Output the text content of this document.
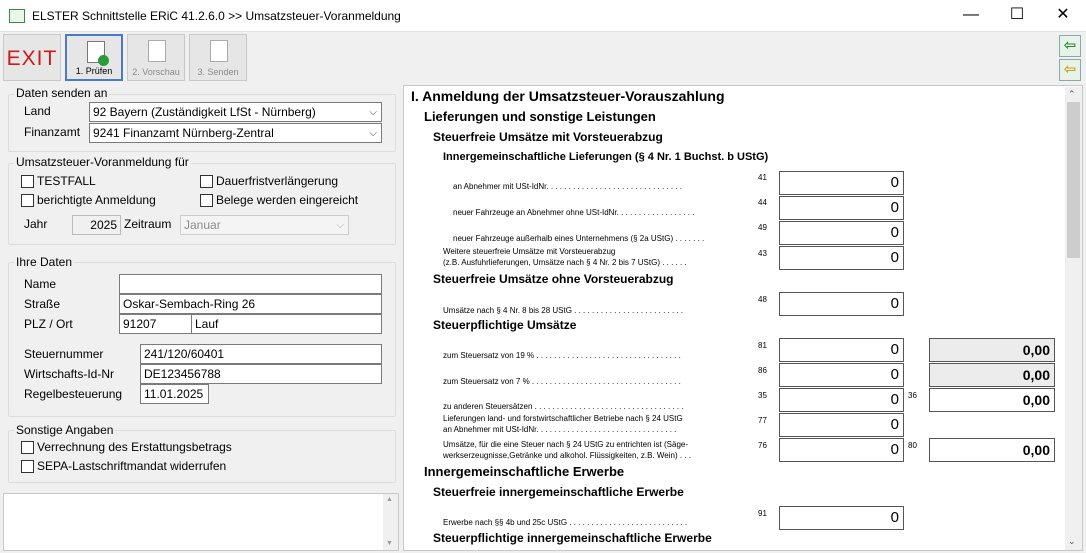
ELSTER Schnittstelle ERiC 41.2.6.0 >> Umsatzsteuer-Voranmeldung	—	☐	✕
EXIT
1. Prüfen	2. Vorschau	3. Senden
⇦
⇦
Daten senden an
Land	92 Bayern (Zuständigkeit LfSt - Nürnberg)	⌵
Finanzamt	9241 Finanzamt Nürnberg-Zentral	⌵
Umsatzsteuer-Voranmeldung für
TESTFALL	Dauerfristverlängerung
berichtigte Anmeldung	Belege werden eingereicht
Jahr	2025 Zeitraum	Januar	⌵
Ihre Daten
Name
Straße	Oskar-Sembach-Ring 26
PLZ / Ort	91207	Lauf
Steuernummer	241/120/60401
Wirtschafts-Id-Nr	DE123456788
Regelbesteuerung	11.01.2025
Sonstige Angaben
Verrechnung des Erstattungsbetrags
SEPA-Lastschriftmandat widerrufen
▲
▼
⌃
⌄
I. Anmeldung der Umsatzsteuer-Vorauszahlung
Lieferungen und sonstige Leistungen
Steuerfreie Umsätze mit Vorsteuerabzug
Innergemeinschaftliche Lieferungen (§ 4 Nr. 1 Buchst. b UStG)
an Abnehmer mit USt-IdNr. . . . . . . . . . . . . . . . . . . . . . . . . . . . . . .
41	0
neuer Fahrzeuge an Abnehmer ohne USt-IdNr. . . . . . . . . . . . . . . . . .
44	0
neuer Fahrzeuge außerhalb eines Unternehmens (§ 2a UStG) . . . . . . .
49	0
Weitere steuerfreie Umsätze mit Vorsteuerabzug
(z.B. Ausfuhrlieferungen, Umsätze nach § 4 Nr. 2 bis 7 UStG) . . . . . .
43	0
Steuerfreie Umsätze ohne Vorsteuerabzug
Umsätze nach § 4 Nr. 8 bis 28 UStG . . . . . . . . . . . . . . . . . . . . . . . . .
48	0
Steuerpflichtige Umsätze
zum Steuersatz von 19 % . . . . . . . . . . . . . . . . . . . . . . . . . . . . . . . . .
81	0	0,00
zum Steuersatz von 7 % . . . . . . . . . . . . . . . . . . . . . . . . . . . . . . . . . .
86	0	0,00
zu anderen Steuersätzen . . . . . . . . . . . . . . . . . . . . . . . . . . . . . . . . . .
35	0	36	0,00
Lieferungen land- und forstwirtschaftlicher Betriebe nach § 24 UStG
an Abnehmer mit USt-IdNr. . . . . . . . . . . . . . . . . . . . . . . . . . . . . . . .
77	0
Umsätze, für die eine Steuer nach § 24 UStG zu entrichten ist (Säge-
werkserzeugnisse,Getränke und alkohol. Flüssigkeiten, z.B. Wein) . . .
76	0	80	0,00
Innergemeinschaftliche Erwerbe
Steuerfreie innergemeinschaftliche Erwerbe
Erwerbe nach §§ 4b und 25c UStG . . . . . . . . . . . . . . . . . . . . . . . . . . .
91	0
Steuerpflichtige innergemeinschaftliche Erwerbe
